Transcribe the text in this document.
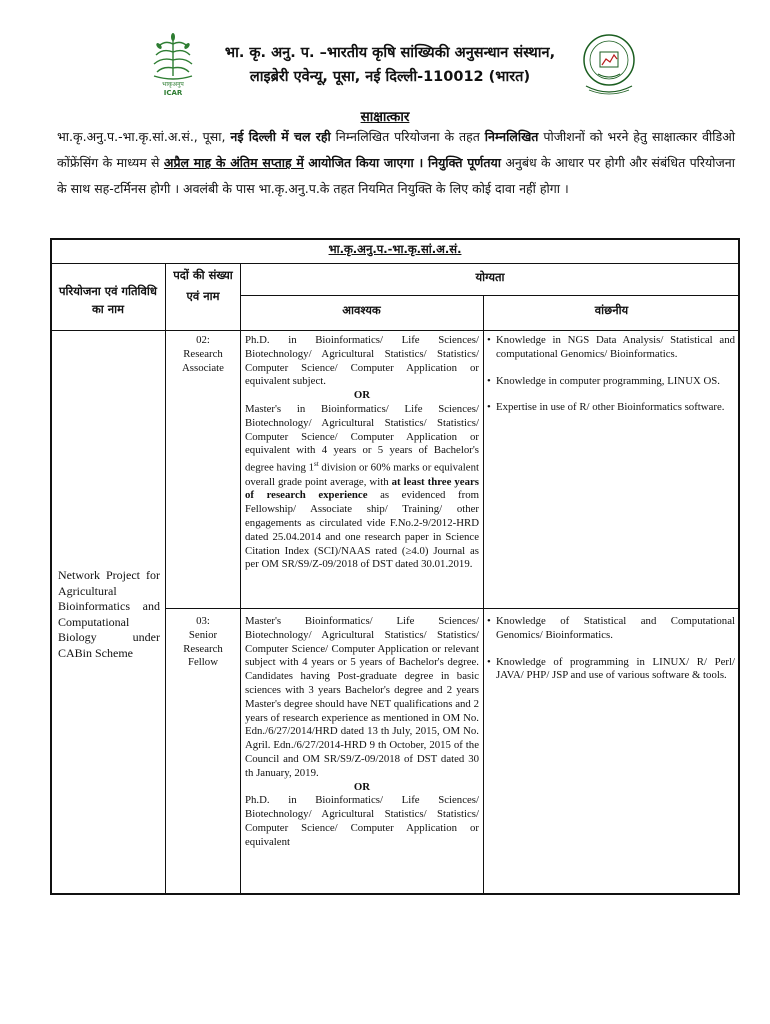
भाकृअनुप
ICAR
भा. कृ. अनु. प. –भारतीय कृषि सांख्यिकी अनुसन्धान संस्थान,
लाइब्रेरी एवेन्यू, पूसा, नई दिल्ली-110012 (भारत)
साक्षात्कार
भा.कृ.अनु.प.-भा.कृ.सां.अ.सं., पूसा, नई दिल्ली में चल रही निम्नलिखित परियोजना के तहत निम्नलिखित पोजीशनों को भरने हेतु साक्षात्कार वीडिओ कोंफ्रेंसिंग के माध्यम से अप्रैल माह के अंतिम सप्ताह में आयोजित किया जाएगा । नियुक्ति पूर्णतया अनुबंध के आधार पर होगी और संबंधित परियोजना के साथ सह-टर्मिनस होगी । अवलंबी के पास भा.कृ.अनु.प.के तहत नियमित नियुक्ति के लिए कोई दावा नहीं होगा ।
भा.कृ.अनु.प.-भा.कृ.सां.अ.सं.
परियोजना एवं गतिविधि का नाम
पदों की संख्या एवं नाम
योग्यता
आवश्यक	वांछनीय
Network Project for Agricultural Bioinformatics and Computational Biology under CABin Scheme
02:
Research Associate
Ph.D. in Bioinformatics/ Life Sciences/ Biotechnology/ Agricultural Statistics/ Statistics/ Computer Science/ Computer Application or equivalent subject.
OR
Master's in Bioinformatics/ Life Sciences/ Biotechnology/ Agricultural Statistics/ Statistics/ Computer Science/ Computer Application or equivalent with 4 years or 5 years of Bachelor's degree having 1st division or 60% marks or equivalent overall grade point average, with at least three years of research experience as evidenced from Fellowship/ Associate ship/ Training/ other engagements as circulated vide F.No.2-9/2012-HRD dated 25.04.2014 and one research paper in Science Citation Index (SCI)/NAAS rated (≥4.0) Journal as per OM SR/S9/Z-09/2018 of DST dated 30.01.2019.
• Knowledge in NGS Data Analysis/ Statistical and computational Genomics/ Bioinformatics.
• Knowledge in computer programming, LINUX OS.
• Expertise in use of R/ other Bioinformatics software.
03:
Senior Research Fellow
Master's Bioinformatics/ Life Sciences/ Biotechnology/ Agricultural Statistics/ Statistics/ Computer Science/ Computer Application or relevant subject with 4 years or 5 years of Bachelor's degree. Candidates having Post-graduate degree in basic sciences with 3 years Bachelor's degree and 2 years Master's degree should have NET qualifications and 2 years of research experience as mentioned in OM No. Edn./6/27/2014/HRD dated 13 th July, 2015, OM No. Agril. Edn./6/27/2014-HRD 9 th October, 2015 of the Council and OM SR/S9/Z-09/2018 of DST dated 30 th January, 2019.
OR
Ph.D. in Bioinformatics/ Life Sciences/ Biotechnology/ Agricultural Statistics/ Statistics/ Computer Science/ Computer Application or equivalent
• Knowledge of Statistical and Computational Genomics/ Bioinformatics.
• Knowledge of programming in LINUX/ R/ Perl/ JAVA/ PHP/ JSP and use of various software & tools.
